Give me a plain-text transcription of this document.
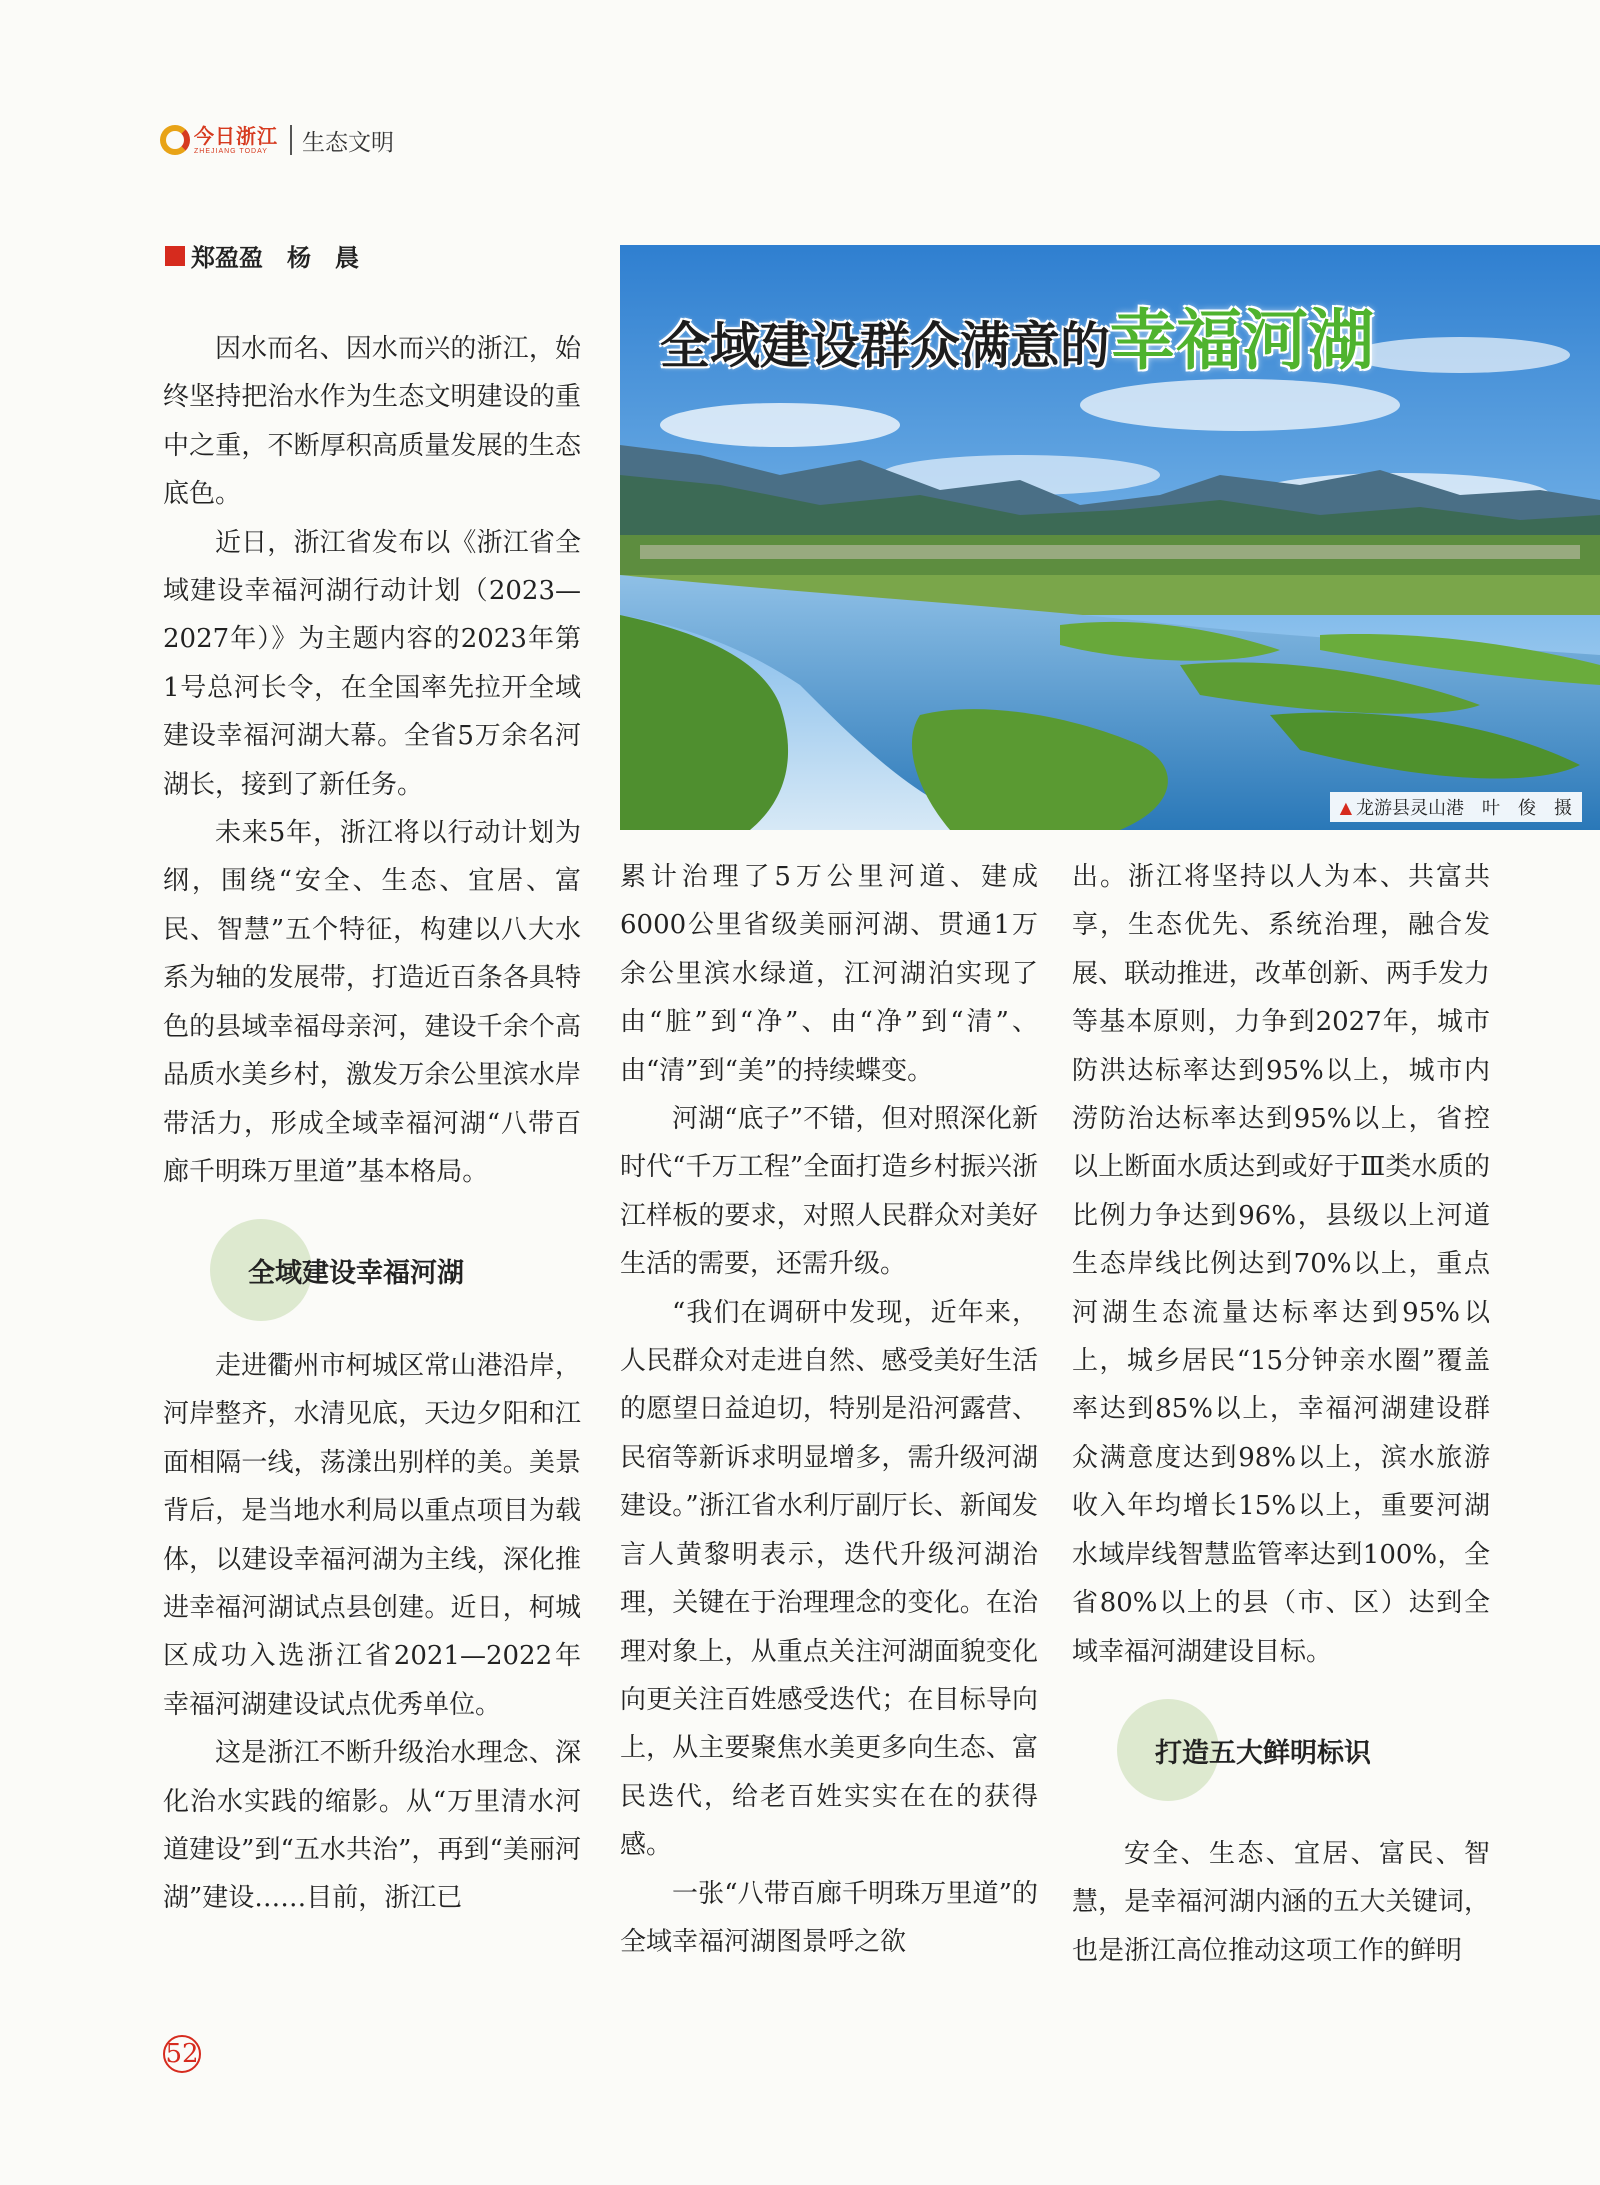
今日浙江
ZHEJIANG TODAY	生态文明
郑盈盈　杨　晨
全域建设群众满意的幸福河湖
▲ 龙游县灵山港　叶　俊　摄

因水而名、因水而兴的浙江，始终坚持把治水作为生态文明建设的重中之重，不断厚积高质量发展的生态底色。

近日，浙江省发布以《浙江省全域建设幸福河湖行动计划（2023—2027年）》为主题内容的2023年第1号总河长令，在全国率先拉开全域建设幸福河湖大幕。全省5万余名河湖长，接到了新任务。

未来5年，浙江将以行动计划为纲，围绕“安全、生态、宜居、富民、智慧”五个特征，构建以八大水系为轴的发展带，打造近百条各具特色的县域幸福母亲河，建设千余个高品质水美乡村，激发万余公里滨水岸带活力，形成全域幸福河湖“八带百廊千明珠万里道”基本格局。

全域建设幸福河湖

走进衢州市柯城区常山港沿岸，河岸整齐，水清见底，天边夕阳和江面相隔一线，荡漾出别样的美。美景背后，是当地水利局以重点项目为载体，以建设幸福河湖为主线，深化推进幸福河湖试点县创建。近日，柯城区成功入选浙江省2021—2022年幸福河湖建设试点优秀单位。

这是浙江不断升级治水理念、深化治水实践的缩影。从“万里清水河道建设”到“五水共治”，再到“美丽河湖”建设……目前，浙江已

累计治理了5万公里河道、建成6000公里省级美丽河湖、贯通1万余公里滨水绿道，江河湖泊实现了由“脏”到“净”、由“净”到“清”、由“清”到“美”的持续蝶变。

河湖“底子”不错，但对照深化新时代“千万工程”全面打造乡村振兴浙江样板的要求，对照人民群众对美好生活的需要，还需升级。

“我们在调研中发现，近年来，人民群众对走进自然、感受美好生活的愿望日益迫切，特别是沿河露营、民宿等新诉求明显增多，需升级河湖建设。”浙江省水利厅副厅长、新闻发言人黄黎明表示，迭代升级河湖治理，关键在于治理理念的变化。在治理对象上，从重点关注河湖面貌变化向更关注百姓感受迭代；在目标导向上，从主要聚焦水美更多向生态、富民迭代，给老百姓实实在在的获得感。

一张“八带百廊千明珠万里道”的全域幸福河湖图景呼之欲

出。浙江将坚持以人为本、共富共享，生态优先、系统治理，融合发展、联动推进，改革创新、两手发力等基本原则，力争到2027年，城市防洪达标率达到95%以上，城市内涝防治达标率达到95%以上，省控以上断面水质达到或好于Ⅲ类水质的比例力争达到96%，县级以上河道生态岸线比例达到70%以上，重点河湖生态流量达标率达到95%以上，城乡居民“15分钟亲水圈”覆盖率达到85%以上，幸福河湖建设群众满意度达到98%以上，滨水旅游收入年均增长15%以上，重要河湖水域岸线智慧监管率达到100%，全省80%以上的县（市、区）达到全域幸福河湖建设目标。

打造五大鲜明标识

安全、生态、宜居、富民、智慧，是幸福河湖内涵的五大关键词，也是浙江高位推动这项工作的鲜明

52
